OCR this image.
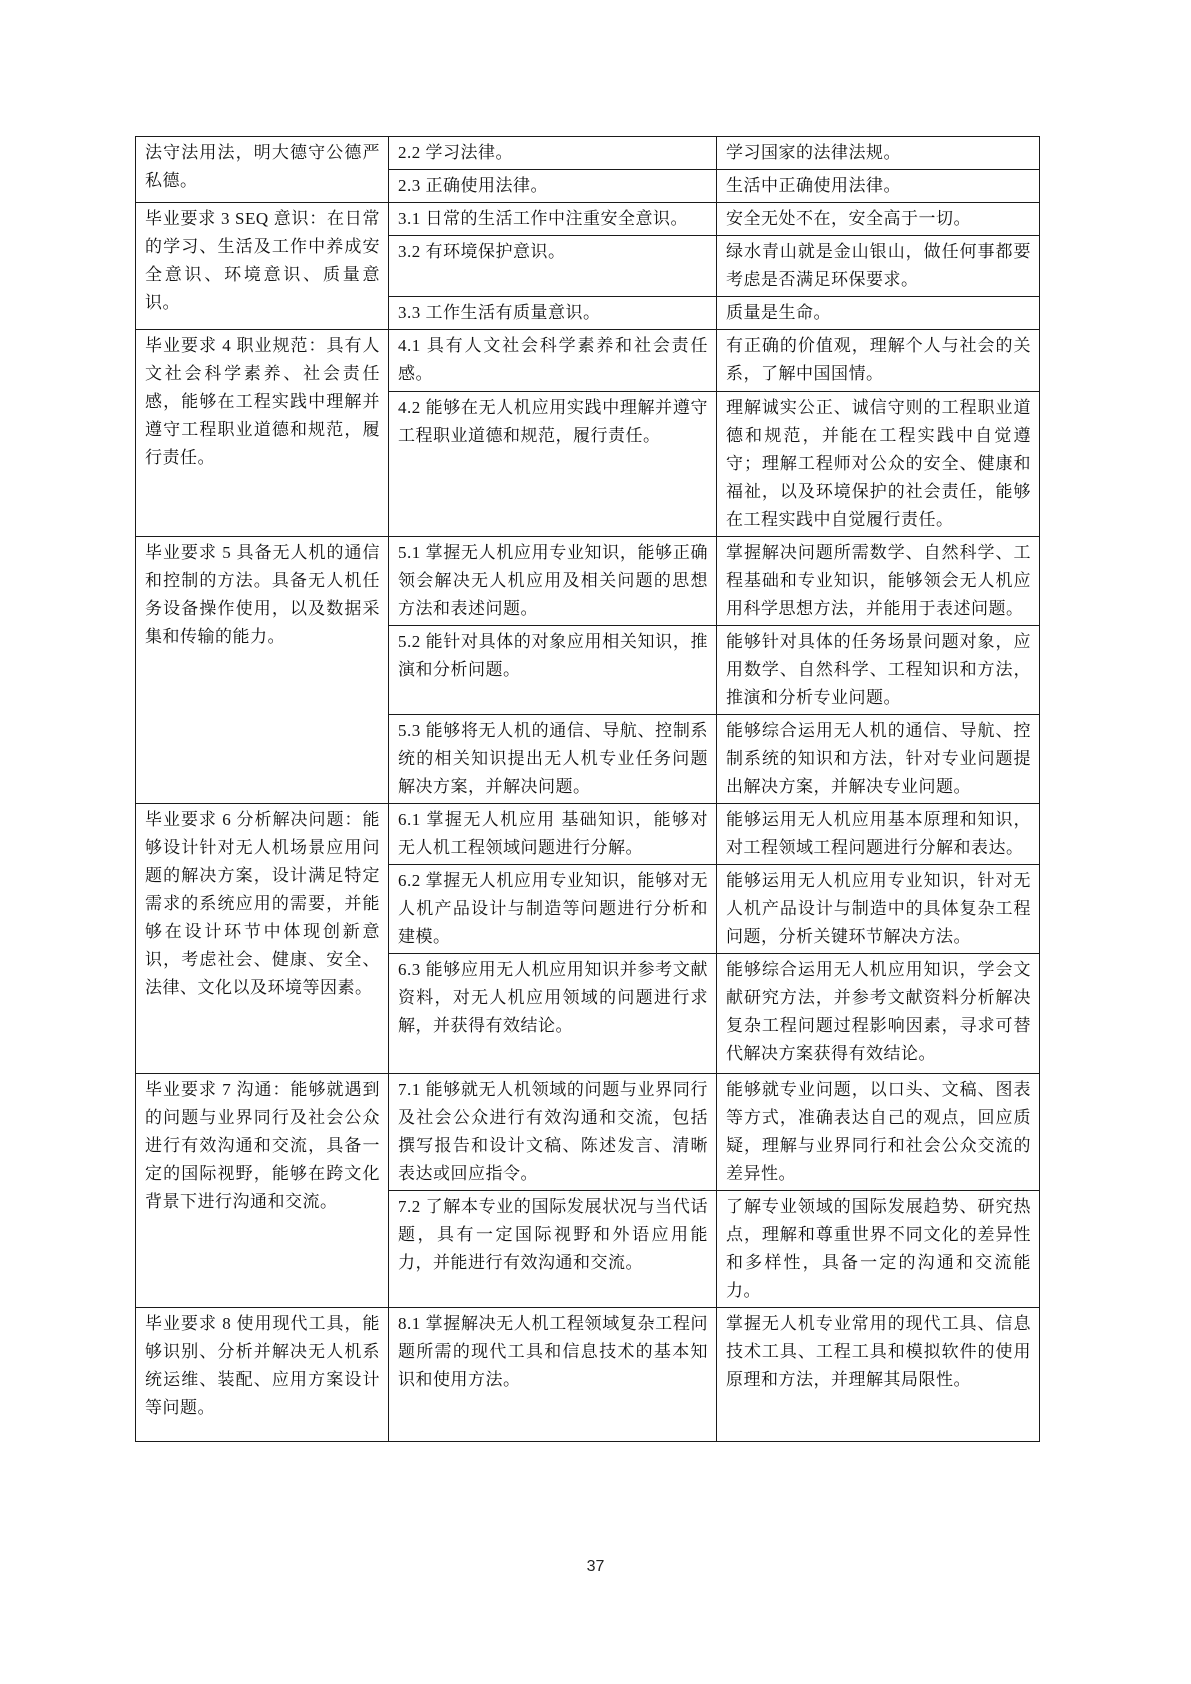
法守法用法，明大德守公德严私德。	2.2 学习法律。	学习国家的法律法规。
	2.3 正确使用法律。	生活中正确使用法律。
毕业要求 3 SEQ 意识：在日常的学习、生活及工作中养成安全意识、环境意识、质量意识。	3.1 日常的生活工作中注重安全意识。	安全无处不在，安全高于一切。
	3.2 有环境保护意识。	绿水青山就是金山银山，做任何事都要考虑是否满足环保要求。
	3.3 工作生活有质量意识。	质量是生命。
毕业要求 4 职业规范：具有人文社会科学素养、社会责任感，能够在工程实践中理解并遵守工程职业道德和规范，履行责任。	4.1 具有人文社会科学素养和社会责任感。	有正确的价值观，理解个人与社会的关系，了解中国国情。
	4.2 能够在无人机应用实践中理解并遵守工程职业道德和规范，履行责任。	理解诚实公正、诚信守则的工程职业道德和规范，并能在工程实践中自觉遵守；理解工程师对公众的安全、健康和福祉，以及环境保护的社会责任，能够在工程实践中自觉履行责任。
毕业要求 5 具备无人机的通信和控制的方法。具备无人机任务设备操作使用，以及数据采集和传输的能力。	5.1 掌握无人机应用专业知识，能够正确领会解决无人机应用及相关问题的思想方法和表述问题。	掌握解决问题所需数学、自然科学、工程基础和专业知识，能够领会无人机应用科学思想方法，并能用于表述问题。
	5.2 能针对具体的对象应用相关知识，推演和分析问题。	能够针对具体的任务场景问题对象，应用数学、自然科学、工程知识和方法，推演和分析专业问题。
	5.3 能够将无人机的通信、导航、控制系统的相关知识提出无人机专业任务问题解决方案，并解决问题。	能够综合运用无人机的通信、导航、控制系统的知识和方法，针对专业问题提出解决方案，并解决专业问题。
毕业要求 6 分析解决问题：能够设计针对无人机场景应用问题的解决方案，设计满足特定需求的系统应用的需要，并能够在设计环节中体现创新意识，考虑社会、健康、安全、法律、文化以及环境等因素。	6.1 掌握无人机应用 基础知识，能够对无人机工程领域问题进行分解。	能够运用无人机应用基本原理和知识，对工程领域工程问题进行分解和表达。
	6.2 掌握无人机应用专业知识，能够对无人机产品设计与制造等问题进行分析和建模。	能够运用无人机应用专业知识，针对无人机产品设计与制造中的具体复杂工程问题，分析关键环节解决方法。
	6.3 能够应用无人机应用知识并参考文献资料，对无人机应用领域的问题进行求解，并获得有效结论。	能够综合运用无人机应用知识，学会文献研究方法，并参考文献资料分析解决复杂工程问题过程影响因素，寻求可替代解决方案获得有效结论。
毕业要求 7 沟通：能够就遇到的问题与业界同行及社会公众进行有效沟通和交流，具备一定的国际视野，能够在跨文化背景下进行沟通和交流。	7.1 能够就无人机领域的问题与业界同行及社会公众进行有效沟通和交流，包括撰写报告和设计文稿、陈述发言、清晰表达或回应指令。	能够就专业问题，以口头、文稿、图表等方式，准确表达自己的观点，回应质疑，理解与业界同行和社会公众交流的差异性。
	7.2 了解本专业的国际发展状况与当代话题，具有一定国际视野和外语应用能力，并能进行有效沟通和交流。	了解专业领域的国际发展趋势、研究热点，理解和尊重世界不同文化的差异性和多样性，具备一定的沟通和交流能力。
毕业要求 8 使用现代工具，能够识别、分析并解决无人机系统运维、装配、应用方案设计等问题。	8.1 掌握解决无人机工程领域复杂工程问题所需的现代工具和信息技术的基本知识和使用方法。	掌握无人机专业常用的现代工具、信息技术工具、工程工具和模拟软件的使用原理和方法，并理解其局限性。
37
